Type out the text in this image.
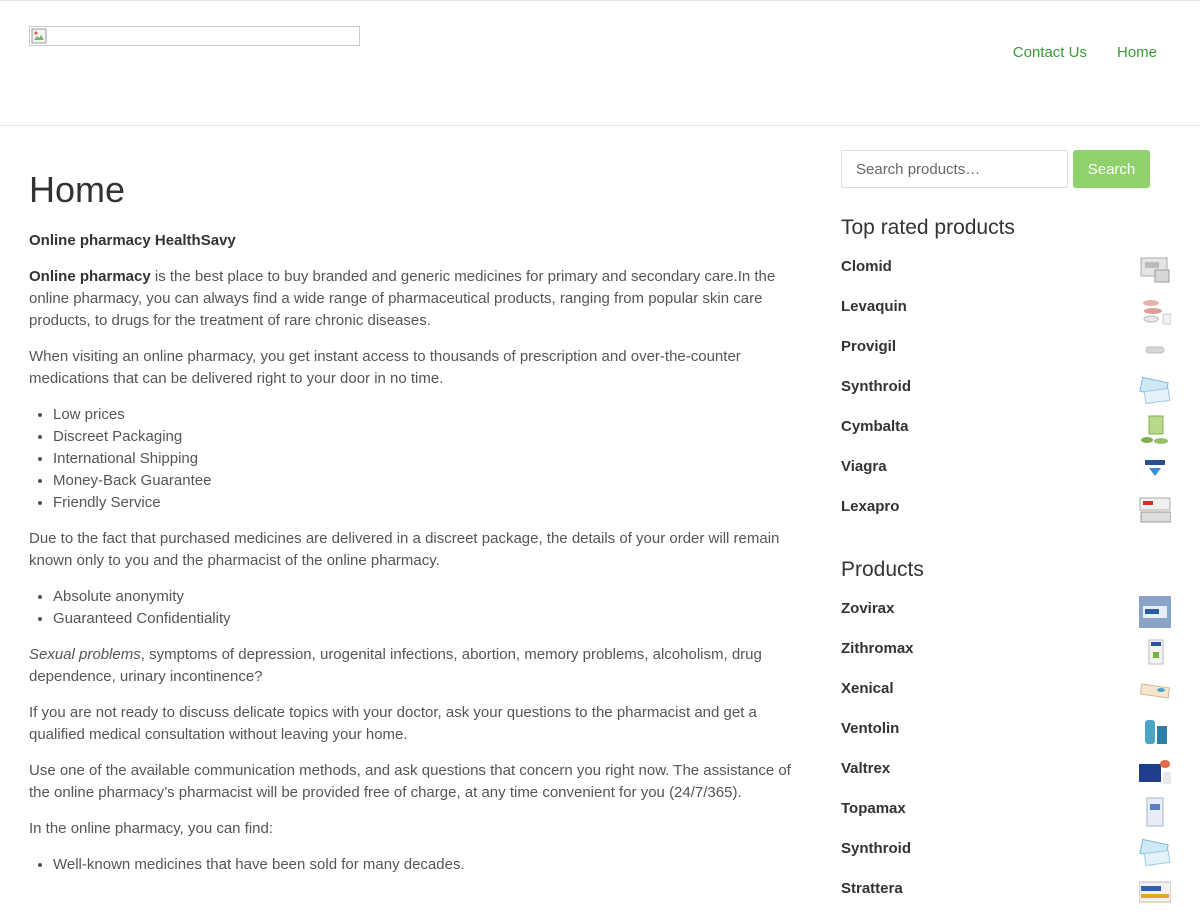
Contact Us Home
Home

Online pharmacy HealthSavy

Online pharmacy is the best place to buy branded and generic medicines for primary and secondary care.In the online pharmacy, you can always find a wide range of pharmaceutical products, ranging from popular skin care products, to drugs for the treatment of rare chronic diseases.

When visiting an online pharmacy, you get instant access to thousands of prescription and over-the-counter medications that can be delivered right to your door in no time.

• Low prices
• Discreet Packaging
• International Shipping
• Money-Back Guarantee
• Friendly Service

Due to the fact that purchased medicines are delivered in a discreet package, the details of your order will remain known only to you and the pharmacist of the online pharmacy.

• Absolute anonymity
• Guaranteed Confidentiality

Sexual problems, symptoms of depression, urogenital infections, abortion, memory problems, alcoholism, drug dependence, urinary incontinence?

If you are not ready to discuss delicate topics with your doctor, ask your questions to the pharmacist and get a qualified medical consultation without leaving your home.

Use one of the available communication methods, and ask questions that concern you right now. The assistance of the online pharmacy’s pharmacist will be provided free of charge, at any time convenient for you (24/7/365).

In the online pharmacy, you can find:

• Well-known medicines that have been sold for many decades.
Search products…
Search
Top rated products
Clomid
Levaquin
Provigil
Synthroid
Cymbalta
Viagra
Lexapro
Products
Zovirax
Zithromax
Xenical
Ventolin
Valtrex
Topamax
Synthroid
Strattera
